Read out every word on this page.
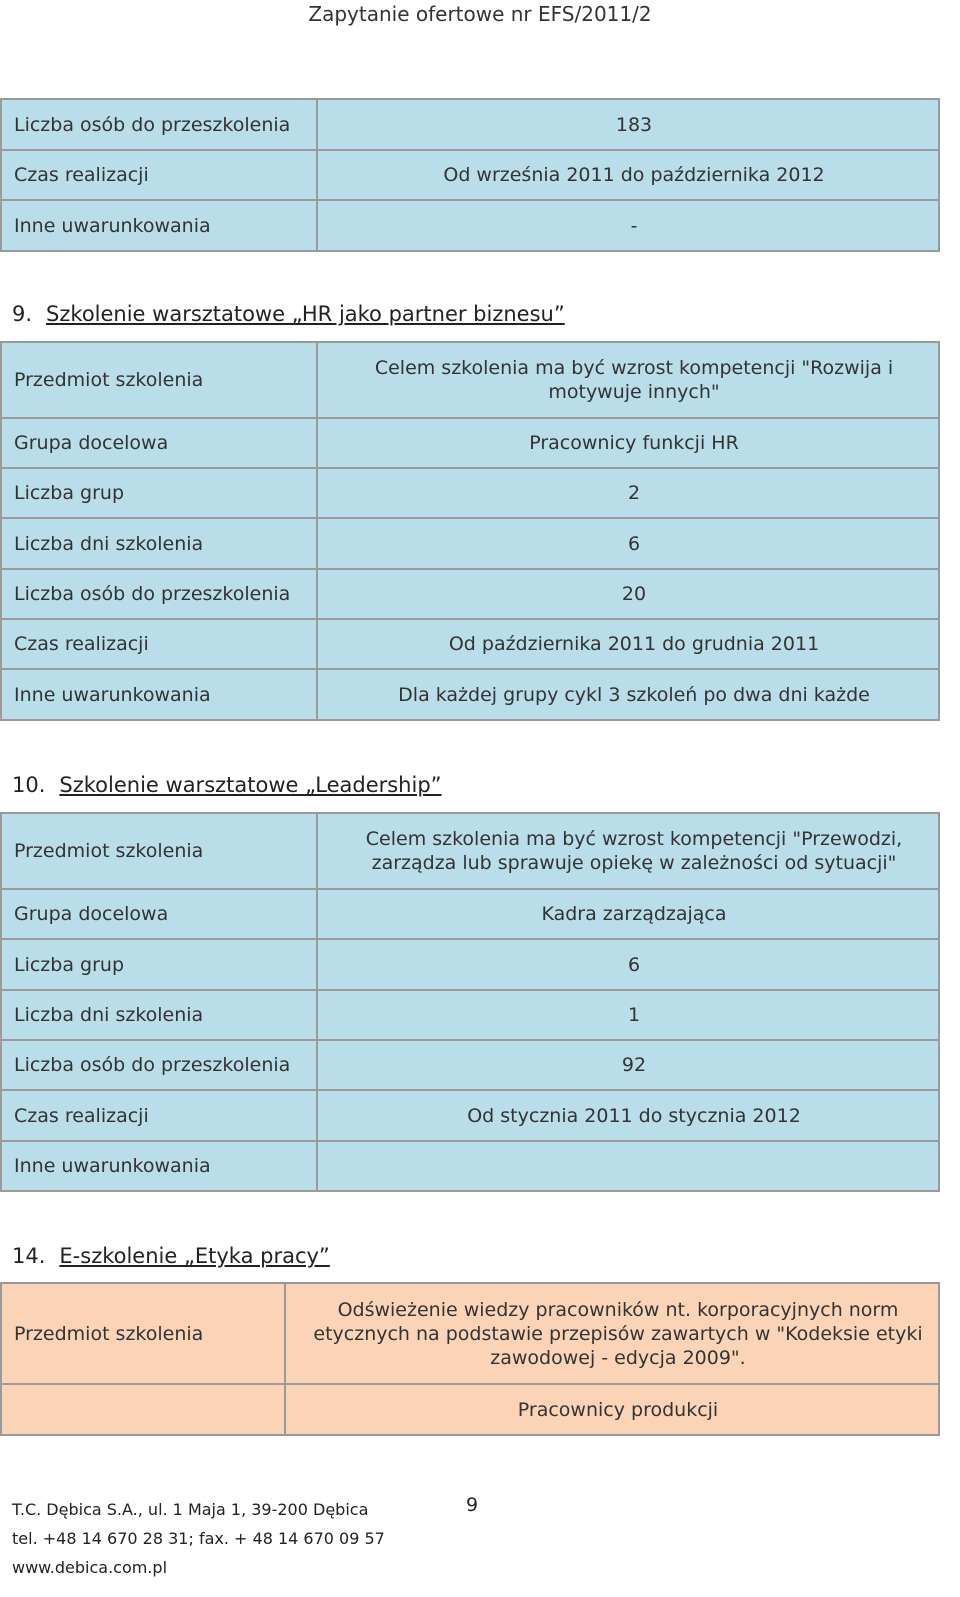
Zapytanie ofertowe nr EFS/2011/2
Liczba osób do przeszkolenia	183
Czas realizacji	Od września 2011 do października 2012
Inne uwarunkowania	-
9. Szkolenie warsztatowe „HR jako partner biznesu”
Przedmiot szkolenia	Celem szkolenia ma być wzrost kompetencji "Rozwija i motywuje innych"

Grupa docelowa	Pracownicy funkcji HR
Liczba grup	2
Liczba dni szkolenia	6
Liczba osób do przeszkolenia	20
Czas realizacji	Od października 2011 do grudnia 2011
Inne uwarunkowania	Dla każdej grupy cykl 3 szkoleń po dwa dni każde
10. Szkolenie warsztatowe „Leadership”
Przedmiot szkolenia	Celem szkolenia ma być wzrost kompetencji "Przewodzi, zarządza lub sprawuje opiekę w zależności od sytuacji"

Grupa docelowa	Kadra zarządzająca
Liczba grup	6
Liczba dni szkolenia	1
Liczba osób do przeszkolenia	92
Czas realizacji	Od stycznia 2011 do stycznia 2012
Inne uwarunkowania	
14. E-szkolenie „Etyka pracy”
Przedmiot szkolenia	Odświeżenie wiedzy pracowników nt. korporacyjnych norm etycznych na podstawie przepisów zawartych w "Kodeksie etyki zawodowej - edycja 2009".

	Pracownicy produkcji
T.C. Dębica S.A., ul. 1 Maja 1, 39-200 Dębica
tel. +48 14 670 28 31; fax. + 48 14 670 09 57
www.debica.com.pl
9
